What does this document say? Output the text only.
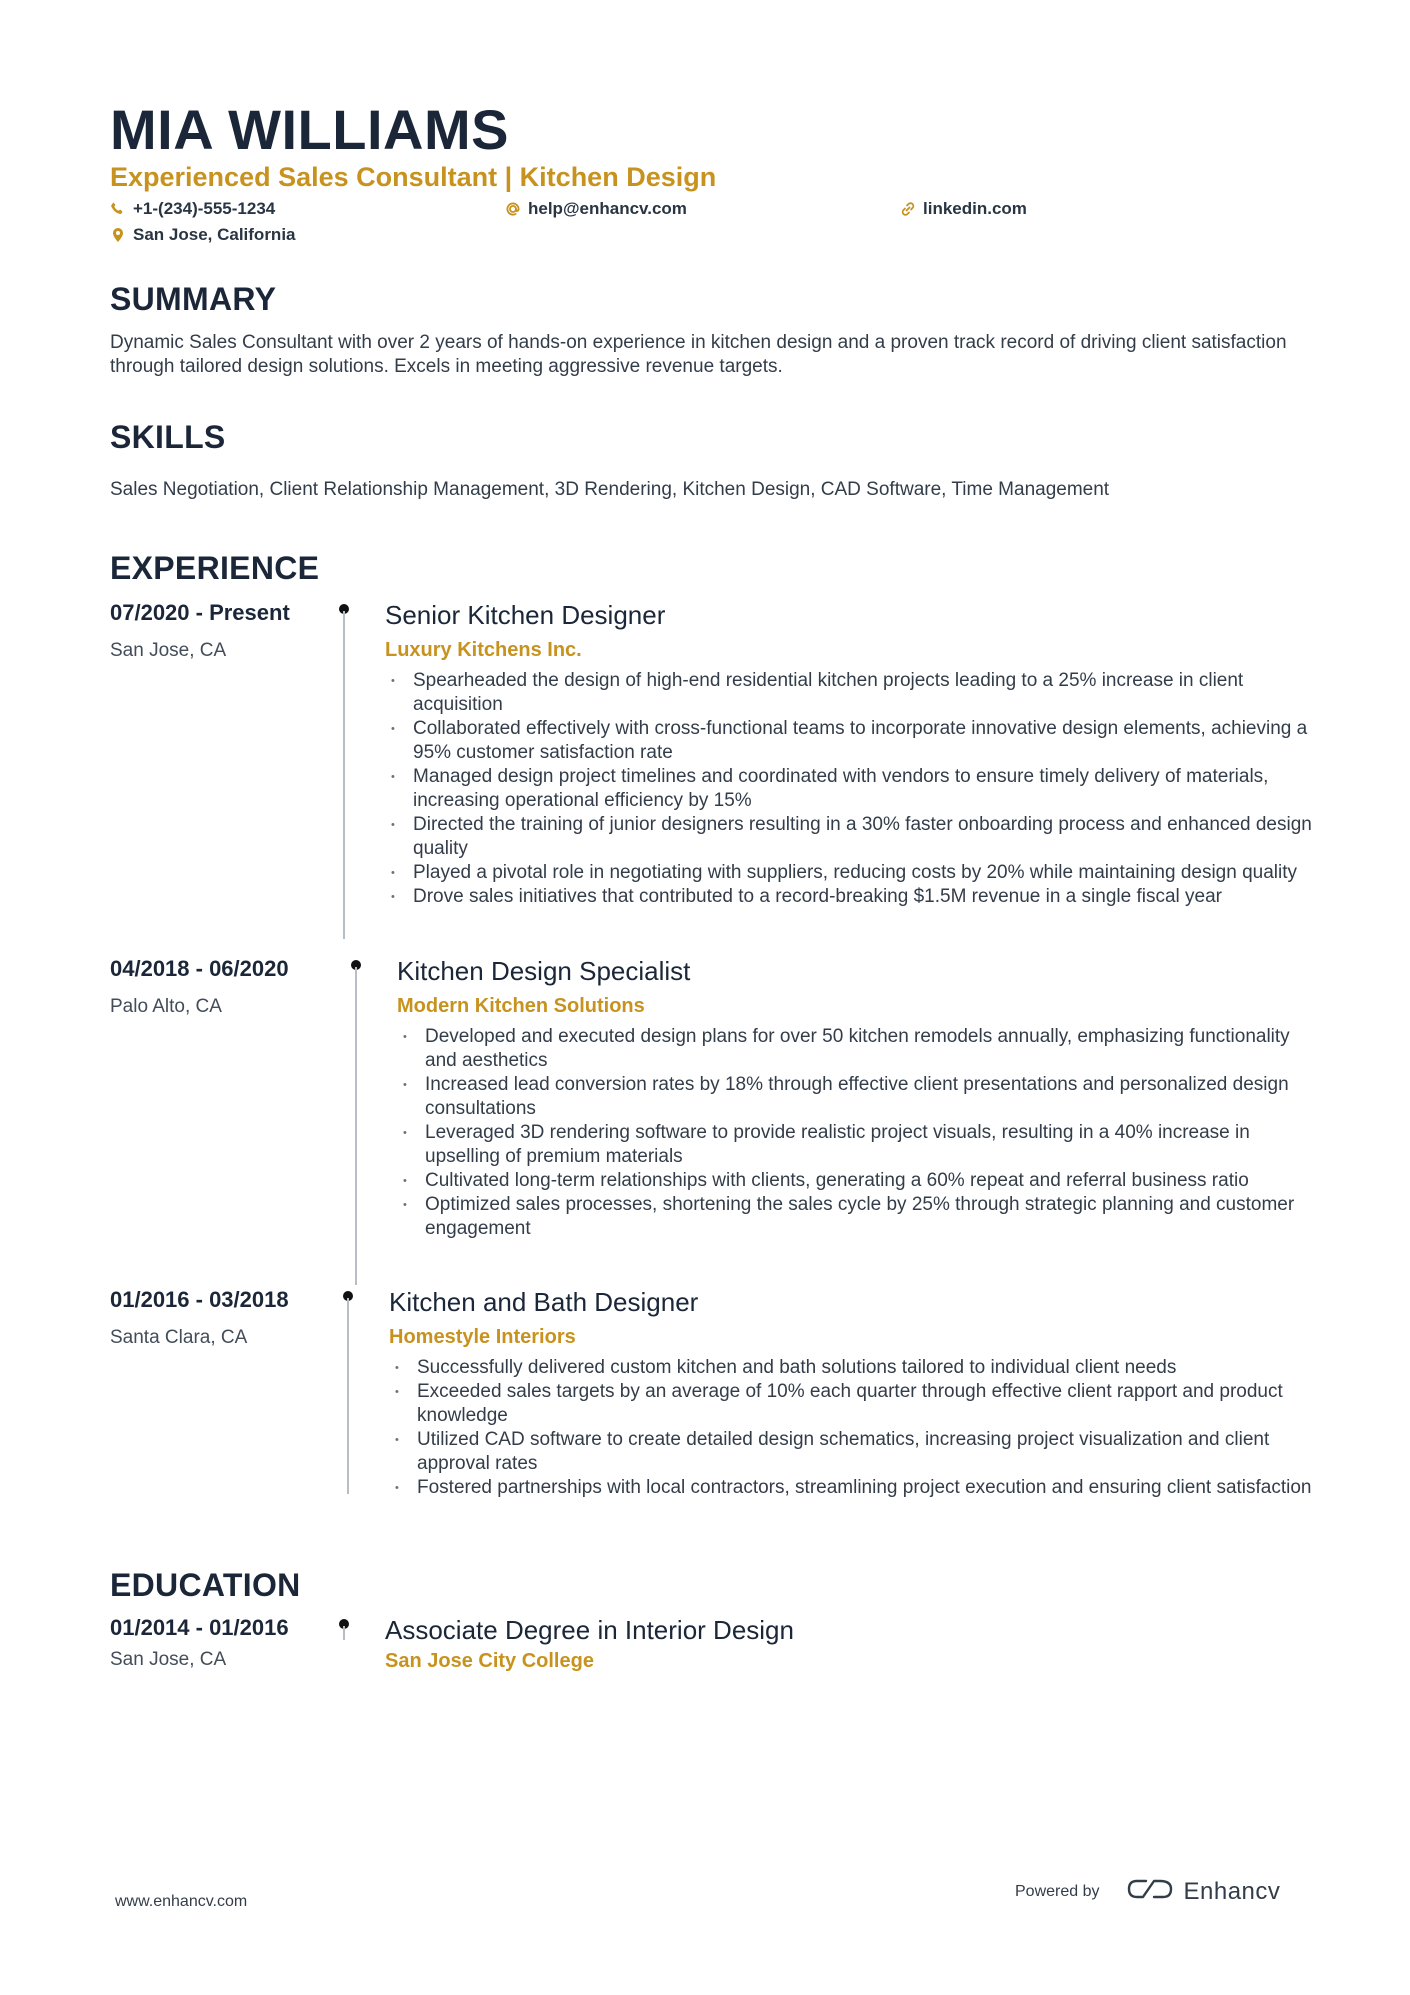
MIA WILLIAMS
Experienced Sales Consultant | Kitchen Design
+1-(234)-555-1234	help@enhancv.com	linkedin.com
San Jose, California
SUMMARY
Dynamic Sales Consultant with over 2 years of hands-on experience in kitchen design and a proven track record of driving client satisfaction through tailored design solutions. Excels in meeting aggressive revenue targets.
SKILLS
Sales Negotiation, Client Relationship Management, 3D Rendering, Kitchen Design, CAD Software, Time Management
EXPERIENCE
07/2020 - Present
San Jose, CA
Senior Kitchen Designer
Luxury Kitchens Inc.
• Spearheaded the design of high-end residential kitchen projects leading to a 25% increase in client acquisition
• Collaborated effectively with cross-functional teams to incorporate innovative design elements, achieving a 95% customer satisfaction rate
• Managed design project timelines and coordinated with vendors to ensure timely delivery of materials, increasing operational efficiency by 15%
• Directed the training of junior designers resulting in a 30% faster onboarding process and enhanced design quality
• Played a pivotal role in negotiating with suppliers, reducing costs by 20% while maintaining design quality
• Drove sales initiatives that contributed to a record-breaking $1.5M revenue in a single fiscal year
04/2018 - 06/2020
Palo Alto, CA
Kitchen Design Specialist
Modern Kitchen Solutions
• Developed and executed design plans for over 50 kitchen remodels annually, emphasizing functionality and aesthetics
• Increased lead conversion rates by 18% through effective client presentations and personalized design consultations
• Leveraged 3D rendering software to provide realistic project visuals, resulting in a 40% increase in upselling of premium materials
• Cultivated long-term relationships with clients, generating a 60% repeat and referral business ratio
• Optimized sales processes, shortening the sales cycle by 25% through strategic planning and customer engagement
01/2016 - 03/2018
Santa Clara, CA
Kitchen and Bath Designer
Homestyle Interiors
• Successfully delivered custom kitchen and bath solutions tailored to individual client needs
• Exceeded sales targets by an average of 10% each quarter through effective client rapport and product knowledge
• Utilized CAD software to create detailed design schematics, increasing project visualization and client approval rates
• Fostered partnerships with local contractors, streamlining project execution and ensuring client satisfaction
EDUCATION
01/2014 - 01/2016
San Jose, CA
Associate Degree in Interior Design
San Jose City College
www.enhancv.com
Powered by	Enhancv
